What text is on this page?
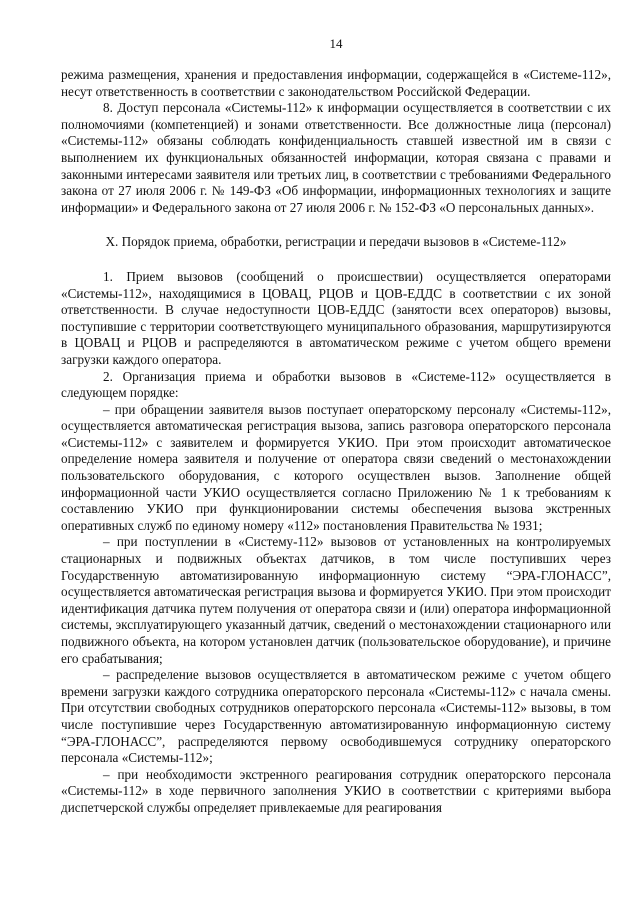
14

режима размещения, хранения и предоставления информации, содержащейся в «Системе-112», несут ответственность в соответствии с законодательством Российской Федерации.

8. Доступ персонала «Системы-112» к информации осуществляется в соответствии с их полномочиями (компетенцией) и зонами ответственности. Все должностные лица (персонал) «Системы-112» обязаны соблюдать конфиденциальность ставшей известной им в связи с выполнением их функциональных обязанностей информации, которая связана с правами и законными интересами заявителя или третьих лиц, в соответствии с требованиями Федерального закона от 27 июля 2006 г. № 149-ФЗ «Об информации, информационных технологиях и защите информации» и Федерального закона от 27 июля 2006 г. № 152-ФЗ «О персональных данных».

X. Порядок приема, обработки, регистрации и передачи вызовов в «Системе-112»

1. Прием вызовов (сообщений о происшествии) осуществляется операторами «Системы-112», находящимися в ЦОВАЦ, РЦОВ и ЦОВ-ЕДДС в соответствии с их зоной ответственности. В случае недоступности ЦОВ-ЕДДС (занятости всех операторов) вызовы, поступившие с территории соответствующего муниципального образования, маршрутизируются в ЦОВАЦ и РЦОВ и распределяются в автоматическом режиме с учетом общего времени загрузки каждого оператора.

2. Организация приема и обработки вызовов в «Системе-112» осуществляется в следующем порядке:

– при обращении заявителя вызов поступает операторскому персоналу «Системы-112», осуществляется автоматическая регистрация вызова, запись разговора операторского персонала «Системы-112» с заявителем и формируется УКИО. При этом происходит автоматическое определение номера заявителя и получение от оператора связи сведений о местонахождении пользовательского оборудования, с которого осуществлен вызов. Заполнение общей информационной части УКИО осуществляется согласно Приложению № 1 к требованиям к составлению УКИО при функционировании системы обеспечения вызова экстренных оперативных служб по единому номеру «112» постановления Правительства № 1931;

– при поступлении в «Систему-112» вызовов от установленных на контролируемых стационарных и подвижных объектах датчиков, в том числе поступивших через Государственную автоматизированную информационную систему “ЭРА-ГЛОНАСС”, осуществляется автоматическая регистрация вызова и формируется УКИО. При этом происходит идентификация датчика путем получения от оператора связи и (или) оператора информационной системы, эксплуатирующего указанный датчик, сведений о местонахождении стационарного или подвижного объекта, на котором установлен датчик (пользовательское оборудование), и причине его срабатывания;

– распределение вызовов осуществляется в автоматическом режиме с учетом общего времени загрузки каждого сотрудника операторского персонала «Системы-112» с начала смены. При отсутствии свободных сотрудников операторского персонала «Системы-112» вызовы, в том числе поступившие через Государственную автоматизированную информационную систему “ЭРА-ГЛОНАСС”, распределяются первому освободившемуся сотруднику операторского персонала «Системы-112»;

– при необходимости экстренного реагирования сотрудник операторского персонала «Системы-112» в ходе первичного заполнения УКИО в соответствии с критериями выбора диспетчерской службы определяет привлекаемые для реагирования
